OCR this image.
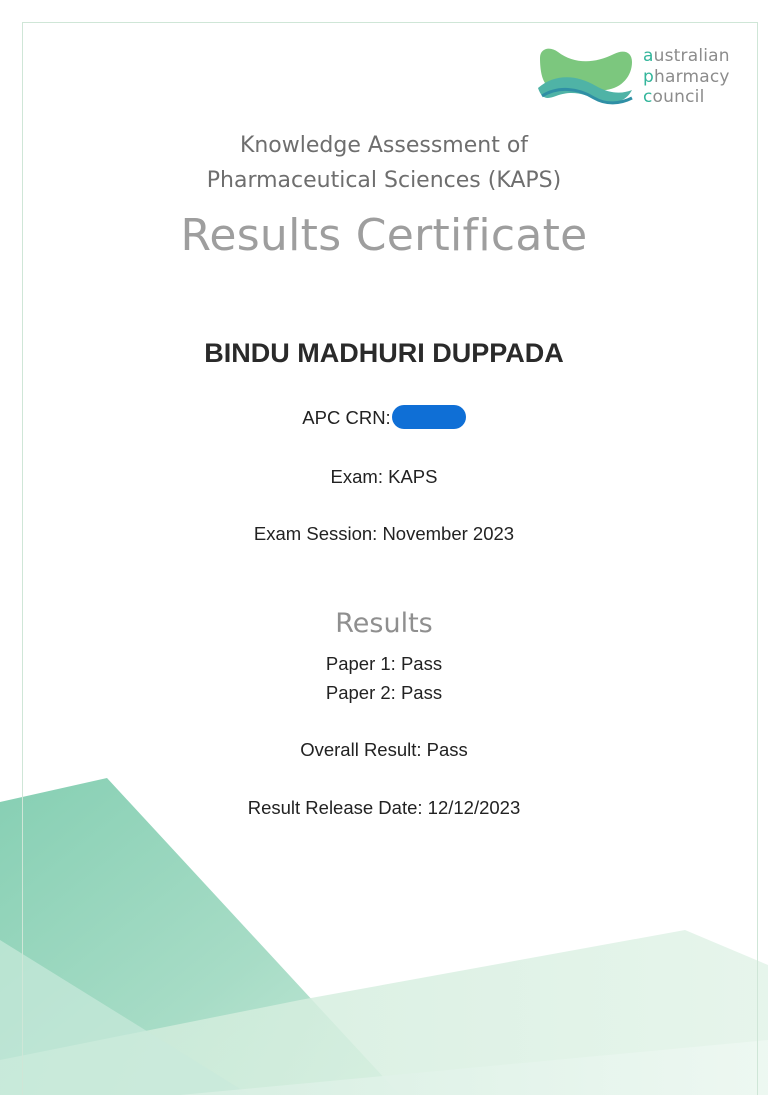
australian
pharmacy
council
Knowledge Assessment of
Pharmaceutical Sciences (KAPS)
Results Certificate
BINDU MADHURI DUPPADA
APC CRN:
Exam: KAPS
Exam Session: November 2023
Results
Paper 1: Pass
Paper 2: Pass
Overall Result: Pass
Result Release Date: 12/12/2023
